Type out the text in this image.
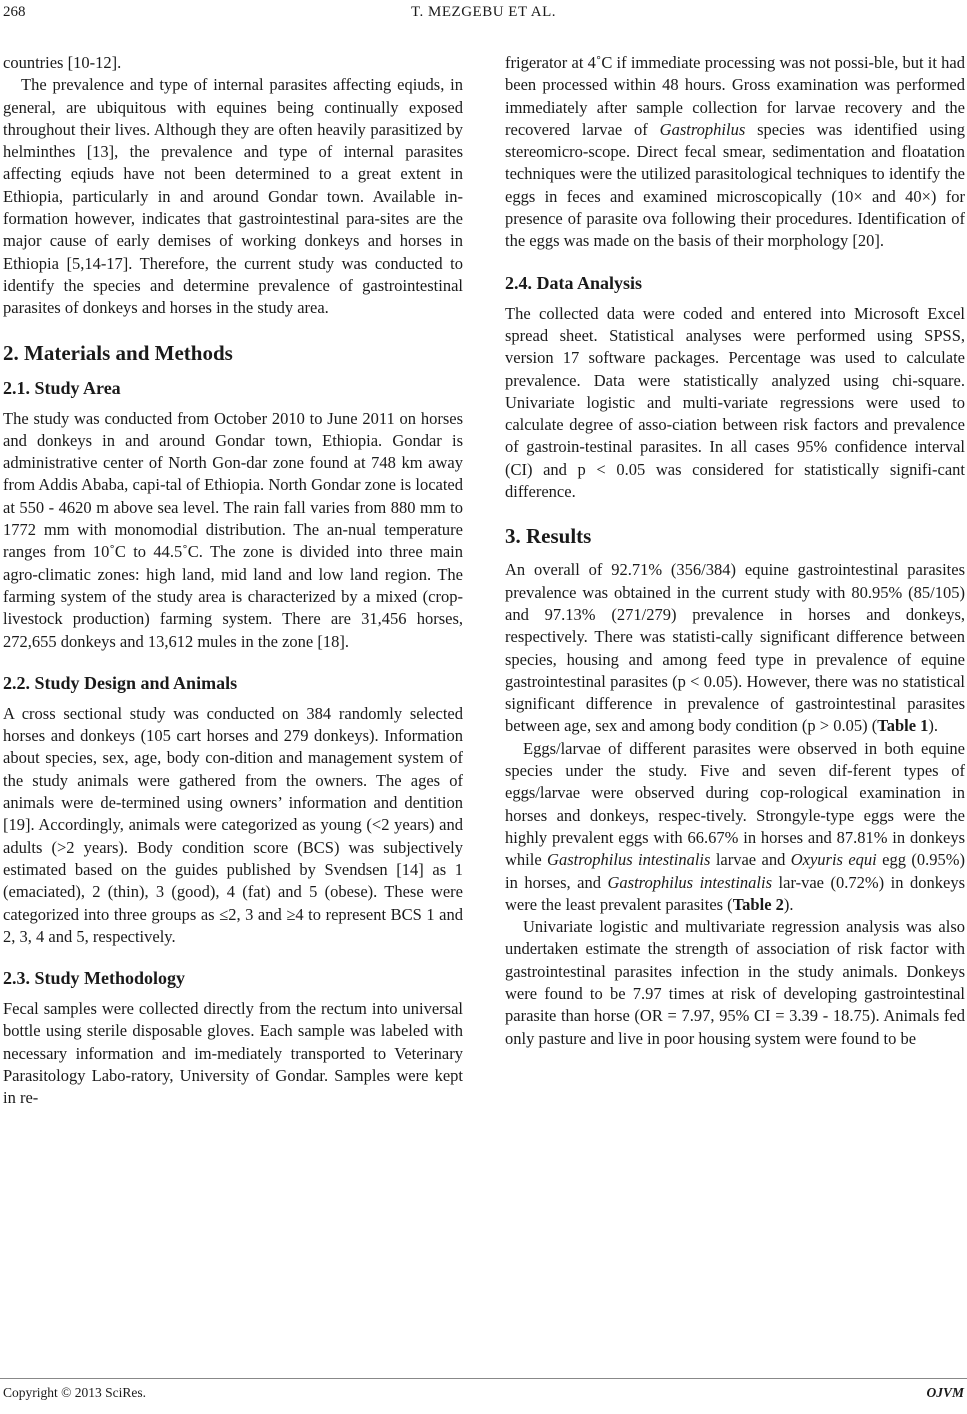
268	T. MEZGEBU ET AL.

countries [10-12].

The prevalence and type of internal parasites affecting eqiuds, in general, are ubiquitous with equines being continually exposed throughout their lives. Although they are often heavily parasitized by helminthes [13], the prevalence and type of internal parasites affecting eqiuds have not been determined to a great extent in Ethiopia, particularly in and around Gondar town. Available in-formation however, indicates that gastrointestinal para-sites are the major cause of early demises of working donkeys and horses in Ethiopia [5,14-17]. Therefore, the current study was conducted to identify the species and determine prevalence of gastrointestinal parasites of donkeys and horses in the study area.

2. Materials and Methods
2.1. Study Area

The study was conducted from October 2010 to June 2011 on horses and donkeys in and around Gondar town, Ethiopia. Gondar is administrative center of North Gon-dar zone found at 748 km away from Addis Ababa, capi-tal of Ethiopia. North Gondar zone is located at 550 - 4620 m above sea level. The rain fall varies from 880 mm to 1772 mm with monomodial distribution. The an-nual temperature ranges from 10˚C to 44.5˚C. The zone is divided into three main agro-climatic zones: high land, mid land and low land region. The farming system of the study area is characterized by a mixed (crop-livestock production) farming system. There are 31,456 horses, 272,655 donkeys and 13,612 mules in the zone [18].

2.2. Study Design and Animals

A cross sectional study was conducted on 384 randomly selected horses and donkeys (105 cart horses and 279 donkeys). Information about species, sex, age, body con-dition and management system of the study animals were gathered from the owners. The ages of animals were de-termined using owners’ information and dentition [19]. Accordingly, animals were categorized as young (<2 years) and adults (>2 years). Body condition score (BCS) was subjectively estimated based on the guides published by Svendsen [14] as 1 (emaciated), 2 (thin), 3 (good), 4 (fat) and 5 (obese). These were categorized into three groups as ≤2, 3 and ≥4 to represent BCS 1 and 2, 3, 4 and 5, respectively.

2.3. Study Methodology

Fecal samples were collected directly from the rectum into universal bottle using sterile disposable gloves. Each sample was labeled with necessary information and im-mediately transported to Veterinary Parasitology Labo-ratory, University of Gondar. Samples were kept in re-

frigerator at 4˚C if immediate processing was not possi-ble, but it had been processed within 48 hours. Gross examination was performed immediately after sample collection for larvae recovery and the recovered larvae of Gastrophilus species was identified using stereomicro-scope. Direct fecal smear, sedimentation and floatation techniques were the utilized parasitological techniques to identify the eggs in feces and examined microscopically (10× and 40×) for presence of parasite ova following their procedures. Identification of the eggs was made on the basis of their morphology [20].

2.4. Data Analysis

The collected data were coded and entered into Microsoft Excel spread sheet. Statistical analyses were performed using SPSS, version 17 software packages. Percentage was used to calculate prevalence. Data were statistically analyzed using chi-square. Univariate logistic and multi-variate regressions were used to calculate degree of asso-ciation between risk factors and prevalence of gastroin-testinal parasites. In all cases 95% confidence interval (CI) and p < 0.05 was considered for statistically signifi-cant difference.

3. Results

An overall of 92.71% (356/384) equine gastrointestinal parasites prevalence was obtained in the current study with 80.95% (85/105) and 97.13% (271/279) prevalence in horses and donkeys, respectively. There was statisti-cally significant difference between species, housing and among feed type in prevalence of equine gastrointestinal parasites (p < 0.05). However, there was no statistical significant difference in prevalence of gastrointestinal parasites between age, sex and among body condition (p > 0.05) (Table 1).

Eggs/larvae of different parasites were observed in both equine species under the study. Five and seven dif-ferent types of eggs/larvae were observed during cop-rological examination in horses and donkeys, respec-tively. Strongyle-type eggs were the highly prevalent eggs with 66.67% in horses and 87.81% in donkeys while Gastrophilus intestinalis larvae and Oxyuris equi egg (0.95%) in horses, and Gastrophilus intestinalis lar-vae (0.72%) in donkeys were the least prevalent parasites (Table 2).

Univariate logistic and multivariate regression analysis was also undertaken estimate the strength of association of risk factor with gastrointestinal parasites infection in the study animals. Donkeys were found to be 7.97 times at risk of developing gastrointestinal parasite than horse (OR = 7.97, 95% CI = 3.39 - 18.75). Animals fed only pasture and live in poor housing system were found to be

Copyright © 2013 SciRes.	OJVM
